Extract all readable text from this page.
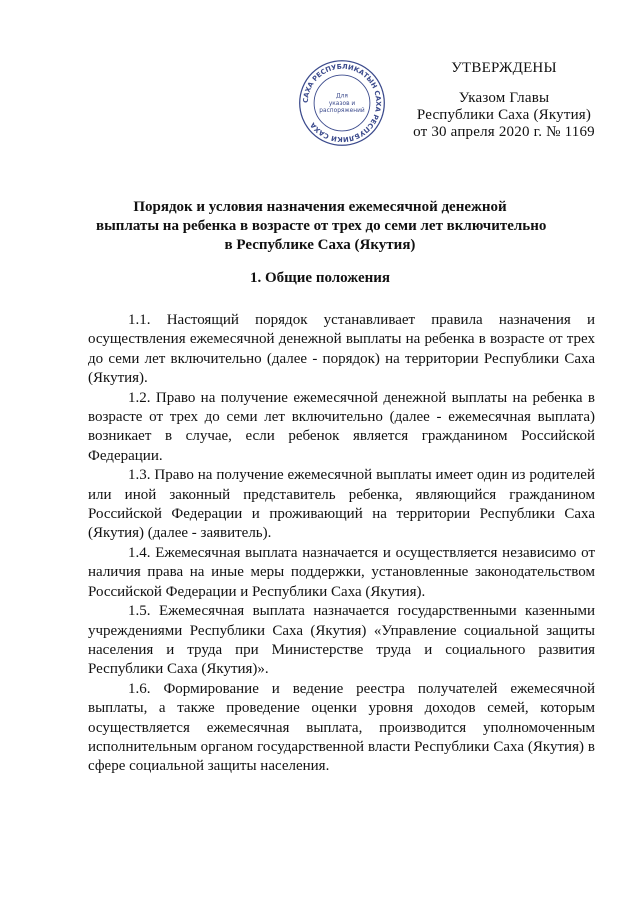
САХА РЕСПУБЛИКАТЫН САХА РЕСПУБЛИКИ САХА
Для
указов и
распоряжений
УТВЕРЖДЕНЫ
Указом Главы
Республики Саха (Якутия)
от 30 апреля 2020 г. № 1169
Порядок и условия назначения ежемесячной денежной
выплаты на ребенка в возрасте от трех до семи лет включительно
в Республике Саха (Якутия)
1. Общие положения

1.1. Настоящий порядок устанавливает правила назначения и осуществления ежемесячной денежной выплаты на ребенка в возрасте от трех до семи лет включительно (далее - порядок) на территории Республики Саха (Якутия).

1.2. Право на получение ежемесячной денежной выплаты на ребенка в возрасте от трех до семи лет включительно (далее - ежемесячная выплата) возникает в случае, если ребенок является гражданином Российской Федерации.

1.3. Право на получение ежемесячной выплаты имеет один из родителей или иной законный представитель ребенка, являющийся гражданином Российской Федерации и проживающий на территории Республики Саха (Якутия) (далее - заявитель).

1.4. Ежемесячная выплата назначается и осуществляется независимо от наличия права на иные меры поддержки, установленные законодательством Российской Федерации и Республики Саха (Якутия).

1.5. Ежемесячная выплата назначается государственными казенными учреждениями Республики Саха (Якутия) «Управление социальной защиты населения и труда при Министерстве труда и социального развития Республики Саха (Якутия)».

1.6. Формирование и ведение реестра получателей ежемесячной выплаты, а также проведение оценки уровня доходов семей, которым осуществляется ежемесячная выплата, производится уполномоченным исполнительным органом государственной власти Республики Саха (Якутия) в сфере социальной защиты населения.
